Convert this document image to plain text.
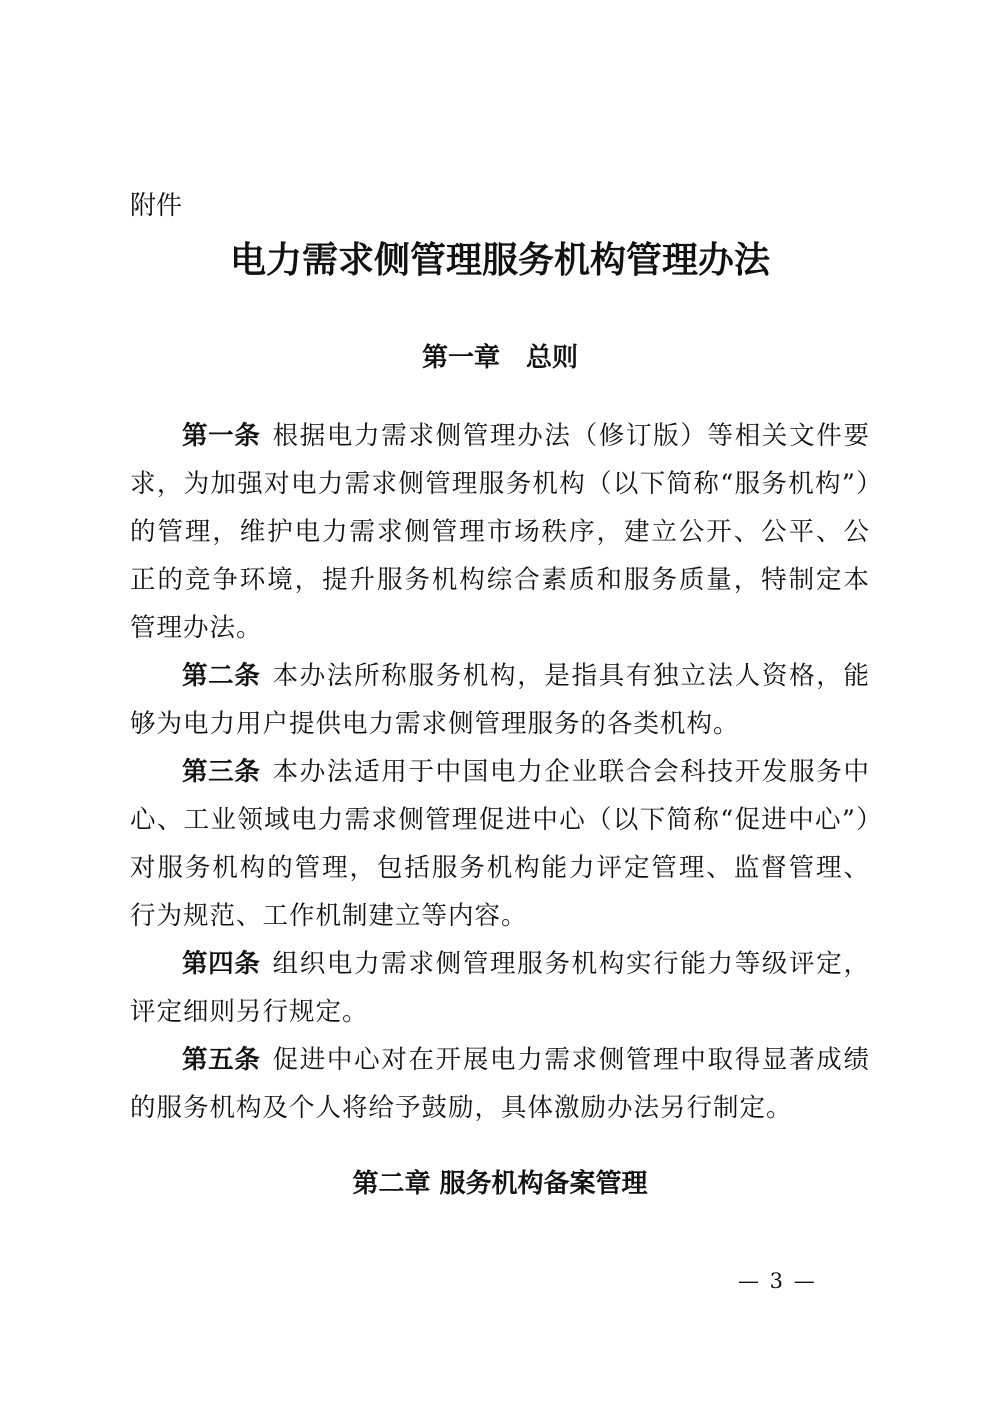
附件
电力需求侧管理服务机构管理办法
第一章　总则

第一条 根据电力需求侧管理办法（修订版）等相关文件要求，为加强对电力需求侧管理服务机构（以下简称“服务机构”）的管理，维护电力需求侧管理市场秩序，建立公开、公平、公正的竞争环境，提升服务机构综合素质和服务质量，特制定本管理办法。

第二条 本办法所称服务机构，是指具有独立法人资格，能够为电力用户提供电力需求侧管理服务的各类机构。

第三条 本办法适用于中国电力企业联合会科技开发服务中心、工业领域电力需求侧管理促进中心（以下简称“促进中心”）对服务机构的管理，包括服务机构能力评定管理、监督管理、行为规范、工作机制建立等内容。

第四条 组织电力需求侧管理服务机构实行能力等级评定，评定细则另行规定。

第五条 促进中心对在开展电力需求侧管理中取得显著成绩的服务机构及个人将给予鼓励，具体激励办法另行制定。

第二章 服务机构备案管理
— 3 —
